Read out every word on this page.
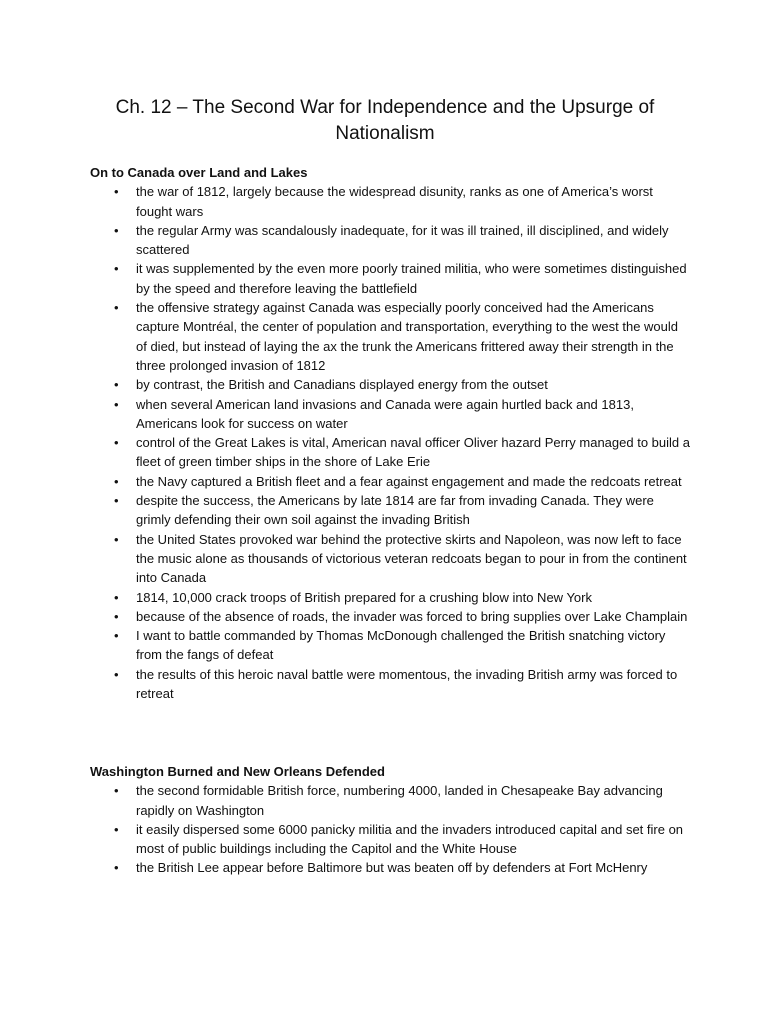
Ch. 12 – The Second War for Independence and the Upsurge of Nationalism

On to Canada over Land and Lakes

• the war of 1812, largely because the widespread disunity, ranks as one of America’s worst fought wars
• the regular Army was scandalously inadequate, for it was ill trained, ill disciplined, and widely scattered
• it was supplemented by the even more poorly trained militia, who were sometimes distinguished by the speed and therefore leaving the battlefield
• the offensive strategy against Canada was especially poorly conceived had the Americans capture Montréal, the center of population and transportation, everything to the west the would of died, but instead of laying the ax the trunk the Americans frittered away their strength in the three prolonged invasion of 1812
• by contrast, the British and Canadians displayed energy from the outset
• when several American land invasions and Canada were again hurtled back and 1813, Americans look for success on water
• control of the Great Lakes is vital, American naval officer Oliver hazard Perry managed to build a fleet of green timber ships in the shore of Lake Erie
• the Navy captured a British fleet and a fear against engagement and made the redcoats retreat
• despite the success, the Americans by late 1814 are far from invading Canada. They were grimly defending their own soil against the invading British
• the United States provoked war behind the protective skirts and Napoleon, was now left to face the music alone as thousands of victorious veteran redcoats began to pour in from the continent into Canada
• 1814, 10,000 crack troops of British prepared for a crushing blow into New York
• because of the absence of roads, the invader was forced to bring supplies over Lake Champlain
• I want to battle commanded by Thomas McDonough challenged the British snatching victory from the fangs of defeat
• the results of this heroic naval battle were momentous, the invading British army was forced to retreat

Washington Burned and New Orleans Defended

• the second formidable British force, numbering 4000, landed in Chesapeake Bay advancing rapidly on Washington
• it easily dispersed some 6000 panicky militia and the invaders introduced capital and set fire on most of public buildings including the Capitol and the White House
• the British Lee appear before Baltimore but was beaten off by defenders at Fort McHenry
